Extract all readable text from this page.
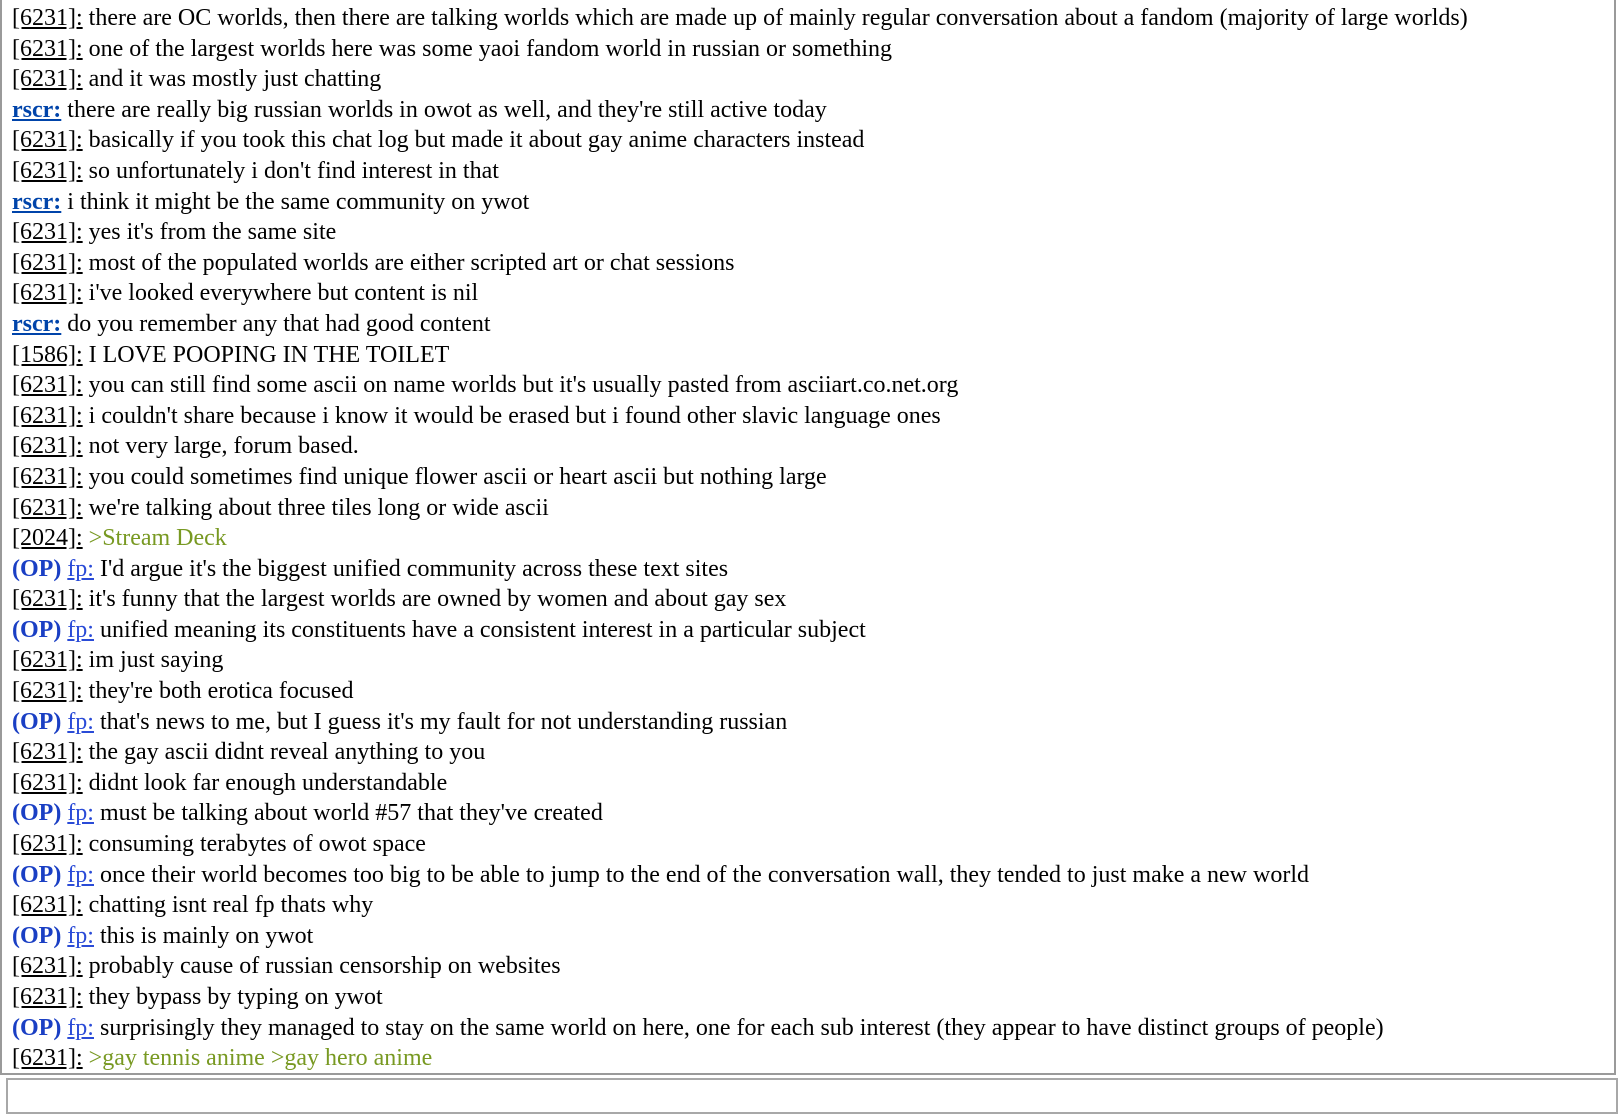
[6231]: there are OC worlds, then there are talking worlds which are made up of mainly regular conversation about a fandom (majority of large worlds)
[6231]: one of the largest worlds here was some yaoi fandom world in russian or something
[6231]: and it was mostly just chatting
rscr: there are really big russian worlds in owot as well, and they're still active today
[6231]: basically if you took this chat log but made it about gay anime characters instead
[6231]: so unfortunately i don't find interest in that
rscr: i think it might be the same community on ywot
[6231]: yes it's from the same site
[6231]: most of the populated worlds are either scripted art or chat sessions
[6231]: i've looked everywhere but content is nil
rscr: do you remember any that had good content
[1586]: I LOVE POOPING IN THE TOILET
[6231]: you can still find some ascii on name worlds but it's usually pasted from asciiart.co.net.org
[6231]: i couldn't share because i know it would be erased but i found other slavic language ones
[6231]: not very large, forum based.
[6231]: you could sometimes find unique flower ascii or heart ascii but nothing large
[6231]: we're talking about three tiles long or wide ascii
[2024]: >Stream Deck
(OP) fp: I'd argue it's the biggest unified community across these text sites
[6231]: it's funny that the largest worlds are owned by women and about gay sex
(OP) fp: unified meaning its constituents have a consistent interest in a particular subject
[6231]: im just saying
[6231]: they're both erotica focused
(OP) fp: that's news to me, but I guess it's my fault for not understanding russian
[6231]: the gay ascii didnt reveal anything to you
[6231]: didnt look far enough understandable
(OP) fp: must be talking about world #57 that they've created
[6231]: consuming terabytes of owot space
(OP) fp: once their world becomes too big to be able to jump to the end of the conversation wall, they tended to just make a new world
[6231]: chatting isnt real fp thats why
(OP) fp: this is mainly on ywot
[6231]: probably cause of russian censorship on websites
[6231]: they bypass by typing on ywot
(OP) fp: surprisingly they managed to stay on the same world on here, one for each sub interest (they appear to have distinct groups of people)
[6231]: >gay tennis anime >gay hero anime
